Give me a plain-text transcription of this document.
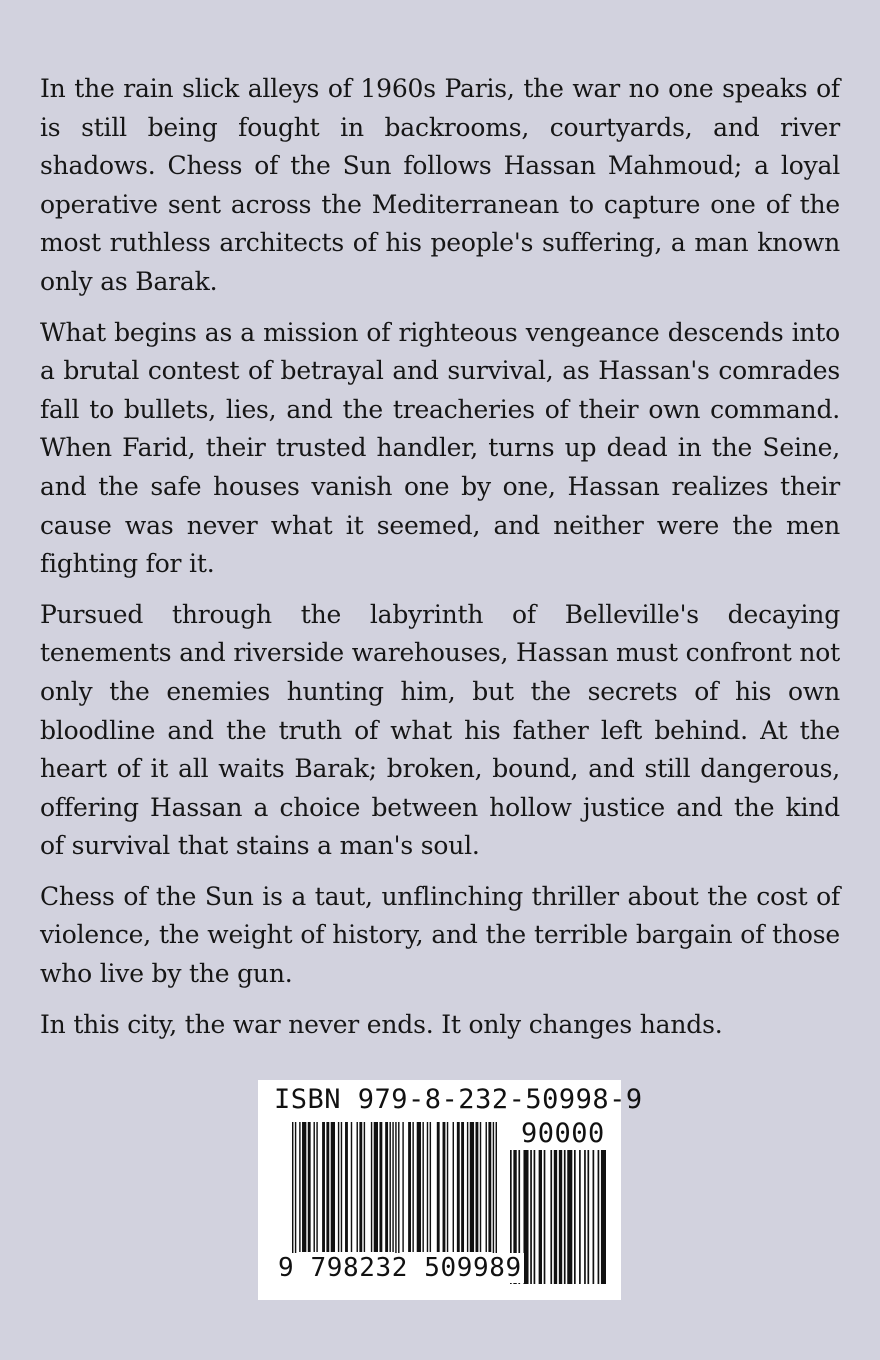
In the rain slick alleys of 1960s Paris, the war no one speaks of is still being fought in backrooms, courtyards, and river shadows. Chess of the Sun follows Hassan Mahmoud; a loyal operative sent across the Mediterranean to capture one of the most ruthless architects of his people's suffering, a man known only as Barak.

What begins as a mission of righteous vengeance descends into a brutal contest of betrayal and survival, as Hassan's comrades fall to bullets, lies, and the treacheries of their own command. When Farid, their trusted handler, turns up dead in the Seine, and the safe houses vanish one by one, Hassan realizes their cause was never what it seemed, and neither were the men fighting for it.

Pursued through the labyrinth of Belleville's decaying tenements and riverside warehouses, Hassan must confront not only the enemies hunting him, but the secrets of his own bloodline and the truth of what his father left behind. At the heart of it all waits Barak; broken, bound, and still dangerous, offering Hassan a choice between hollow justice and the kind of survival that stains a man's soul.

Chess of the Sun is a taut, unflinching thriller about the cost of violence, the weight of history, and the terrible bargain of those who live by the gun.

In this city, the war never ends. It only changes hands.

ISBN 979-8-232-50998-9
90000
9 798232 509989
